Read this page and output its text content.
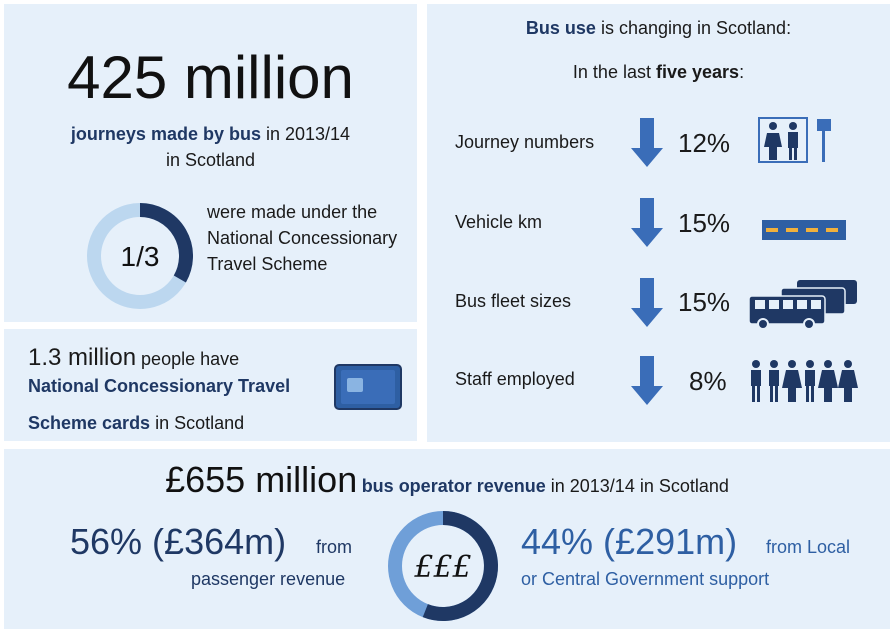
425 million
journeys made by bus in 2013/14
in Scotland
1/3
were made under the National Concessionary Travel Scheme
1.3 million people have
National Concessionary Travel
Scheme cards in Scotland
Bus use is changing in Scotland:
In the last five years:
Journey numbers	12%
Vehicle km	15%
Bus fleet sizes	15%
Staff employed	8%
£655 million bus operator revenue in 2013/14 in Scotland
56% (£364m) from
passenger revenue £££
44% (£291m) from Local
or Central Government support
